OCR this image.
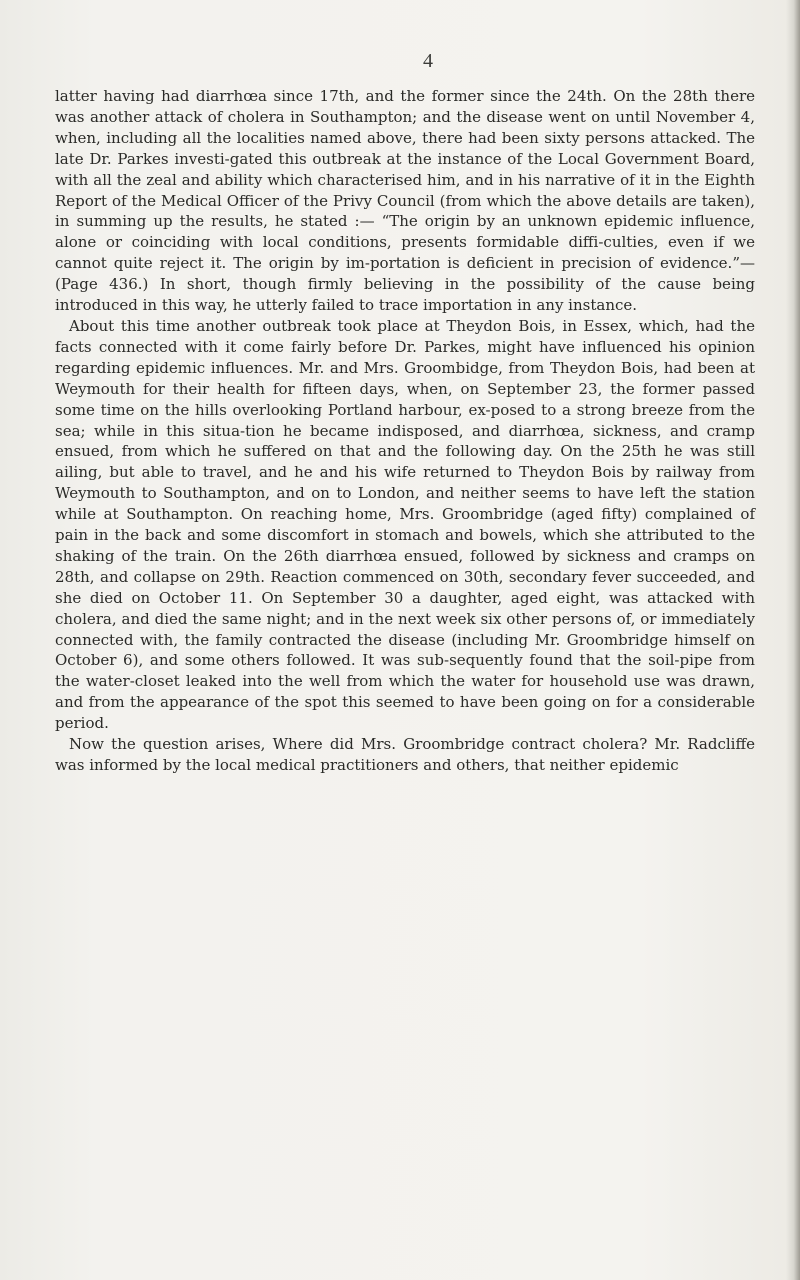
4

latter having had diarrhœa since 17th, and the former since the 24th. On the 28th there was another attack of cholera in Southampton; and the disease went on until November 4, when, including all the localities named above, there had been sixty persons attacked. The late Dr. Parkes investi-gated this outbreak at the instance of the Local Government Board, with all the zeal and ability which characterised him, and in his narrative of it in the Eighth Report of the Medical Officer of the Privy Council (from which the above details are taken), in summing up the results, he stated :— “The origin by an unknown epidemic influence, alone or coinciding with local conditions, presents formidable diffi-culties, even if we cannot quite reject it. The origin by im-portation is deficient in precision of evidence.”—(Page 436.) In short, though firmly believing in the possibility of the cause being introduced in this way, he utterly failed to trace importation in any instance.

About this time another outbreak took place at Theydon Bois, in Essex, which, had the facts connected with it come fairly before Dr. Parkes, might have influenced his opinion regarding epidemic influences. Mr. and Mrs. Groombidge, from Theydon Bois, had been at Weymouth for their health for fifteen days, when, on September 23, the former passed some time on the hills overlooking Portland harbour, ex-posed to a strong breeze from the sea; while in this situa-tion he became indisposed, and diarrhœa, sickness, and cramp ensued, from which he suffered on that and the following day. On the 25th he was still ailing, but able to travel, and he and his wife returned to Theydon Bois by railway from Weymouth to Southampton, and on to London, and neither seems to have left the station while at Southampton. On reaching home, Mrs. Groombridge (aged fifty) complained of pain in the back and some discomfort in stomach and bowels, which she attributed to the shaking of the train. On the 26th diarrhœa ensued, followed by sickness and cramps on 28th, and collapse on 29th. Reaction commenced on 30th, secondary fever succeeded, and she died on October 11. On September 30 a daughter, aged eight, was attacked with cholera, and died the same night; and in the next week six other persons of, or immediately connected with, the family contracted the disease (including Mr. Groombridge himself on October 6), and some others followed. It was sub-sequently found that the soil-pipe from the water-closet leaked into the well from which the water for household use was drawn, and from the appearance of the spot this seemed to have been going on for a considerable period.

Now the question arises, Where did Mrs. Groombridge contract cholera? Mr. Radcliffe was informed by the local medical practitioners and others, that neither epidemic
